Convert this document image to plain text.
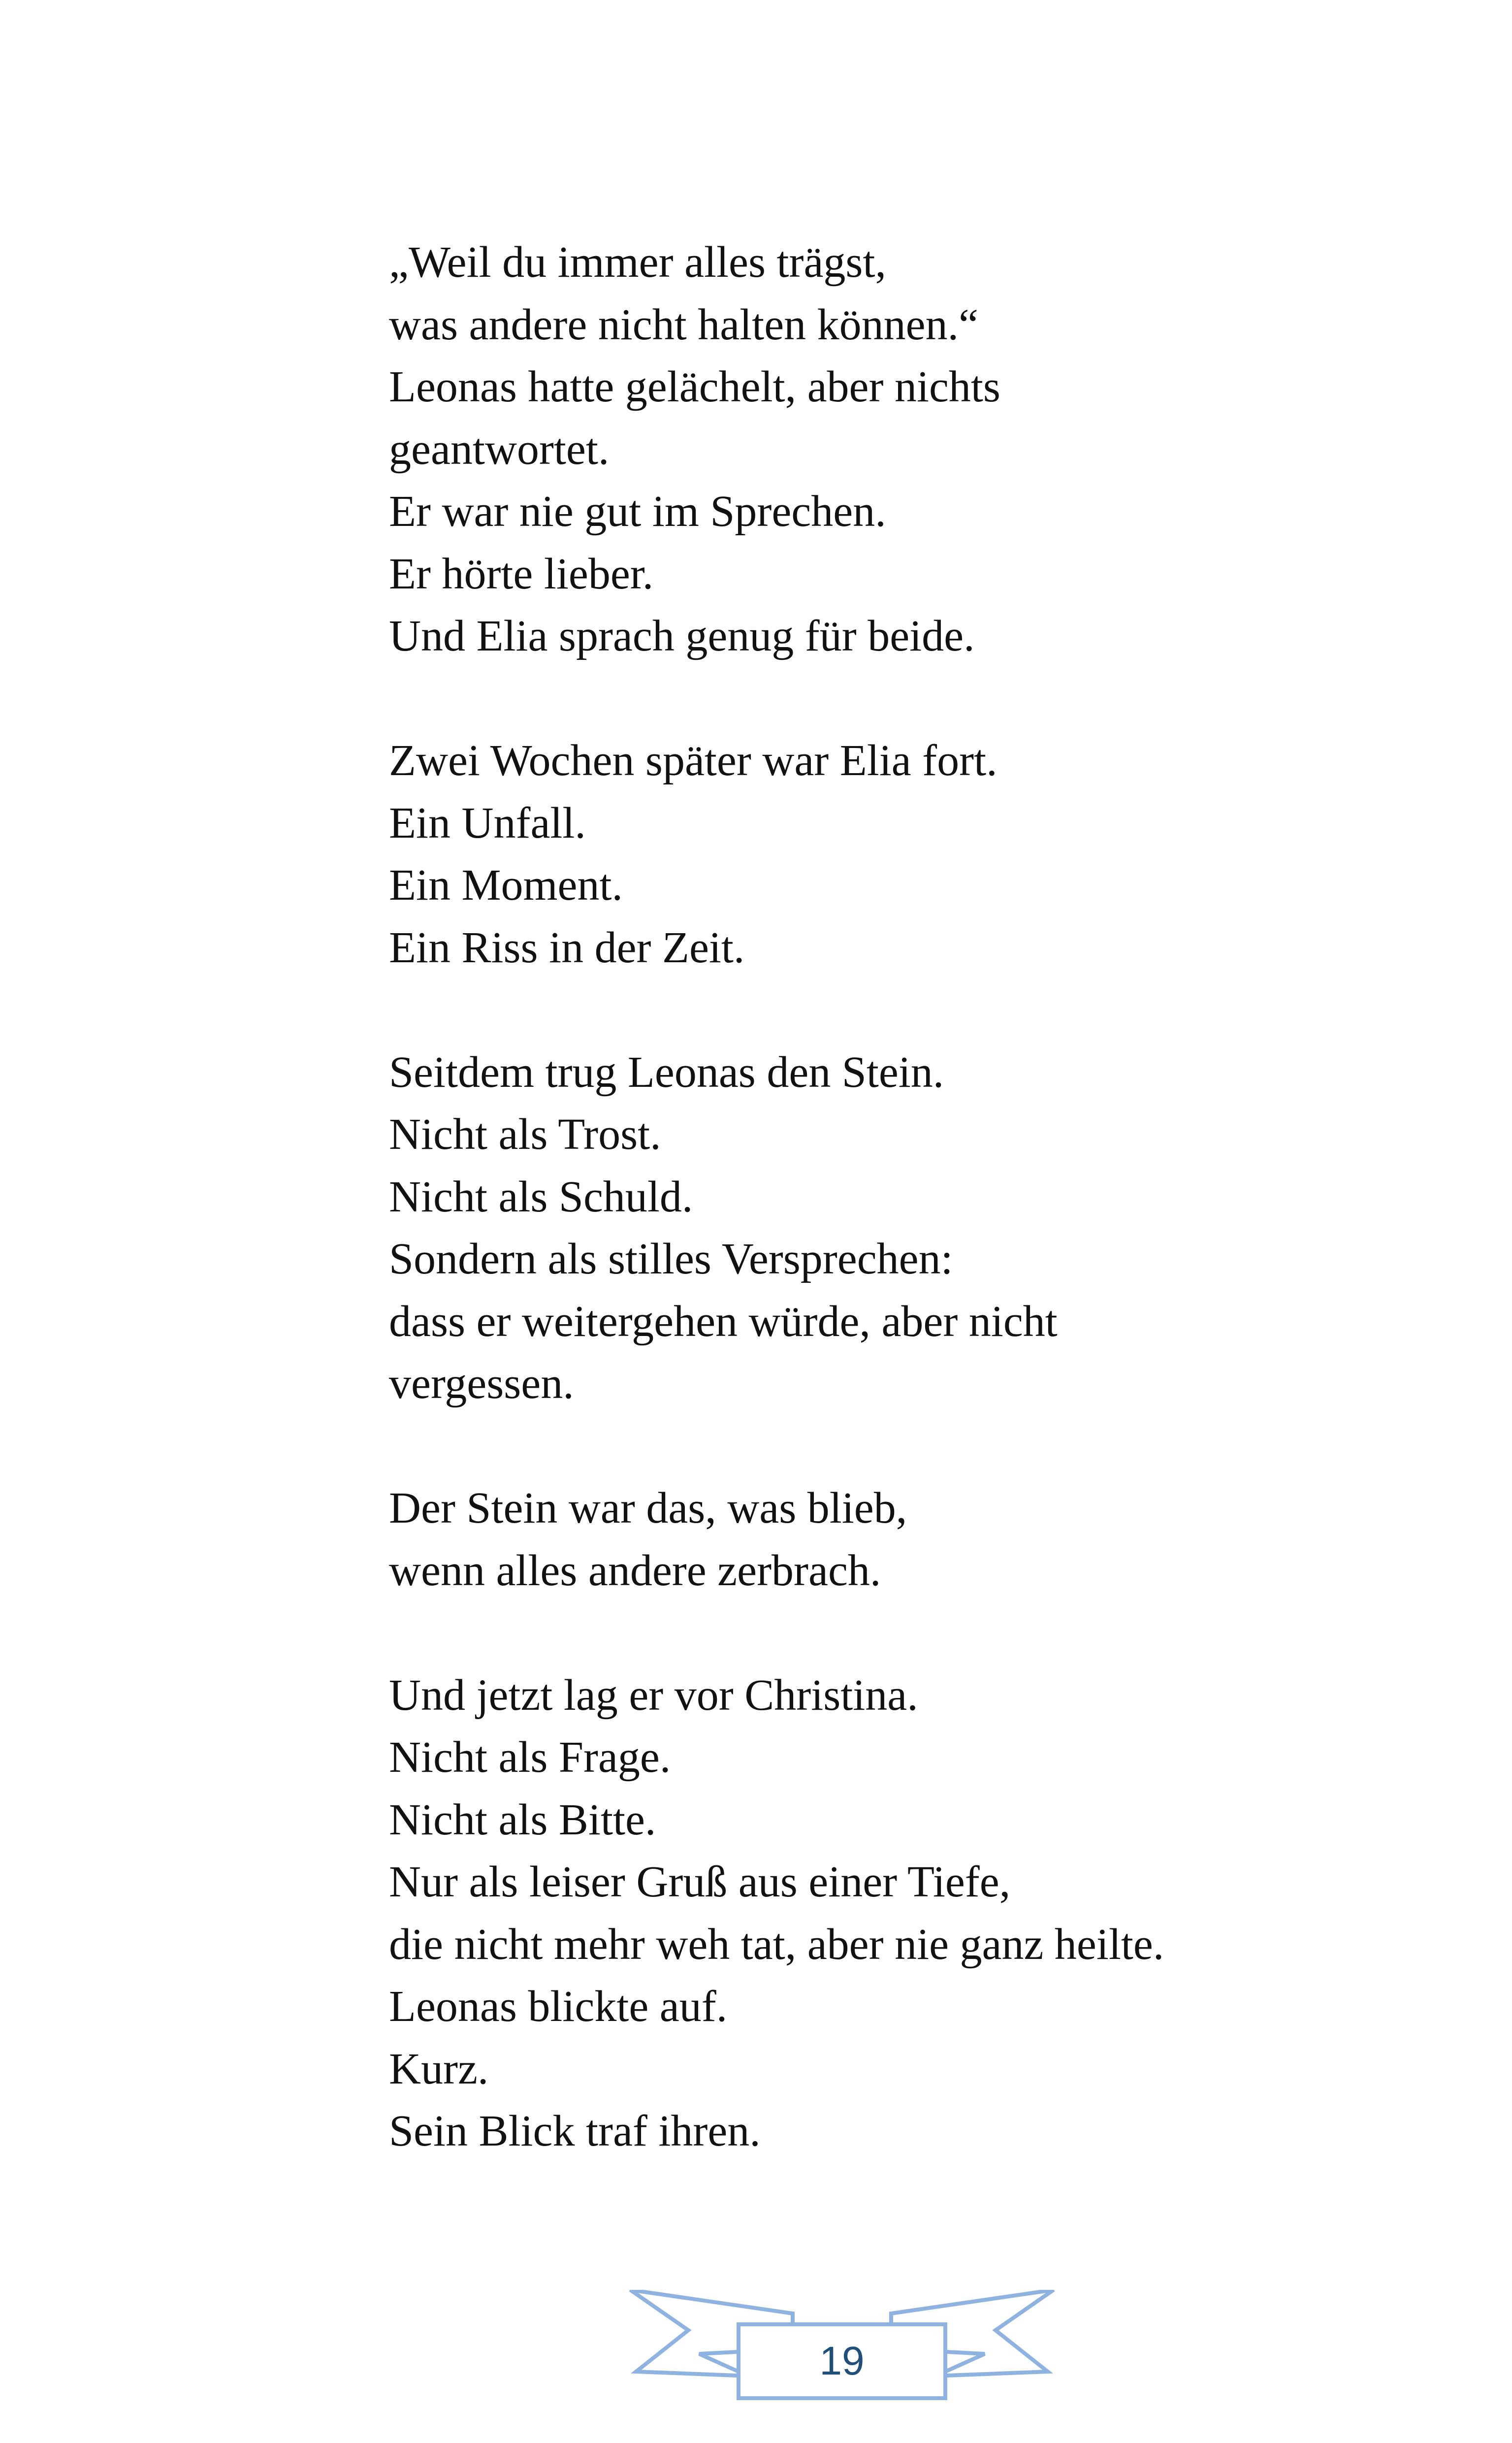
„Weil du immer alles trägst,
was andere nicht halten können.“
Leonas hatte gelächelt, aber nichts
geantwortet.
Er war nie gut im Sprechen.
Er hörte lieber.
Und Elia sprach genug für beide.
Zwei Wochen später war Elia fort.
Ein Unfall.
Ein Moment.
Ein Riss in der Zeit.
Seitdem trug Leonas den Stein.
Nicht als Trost.
Nicht als Schuld.
Sondern als stilles Versprechen:
dass er weitergehen würde, aber nicht
vergessen.
Der Stein war das, was blieb,
wenn alles andere zerbrach.
Und jetzt lag er vor Christina.
Nicht als Frage.
Nicht als Bitte.
Nur als leiser Gruß aus einer Tiefe,
die nicht mehr weh tat, aber nie ganz heilte.
Leonas blickte auf.
Kurz.
Sein Blick traf ihren.
19
